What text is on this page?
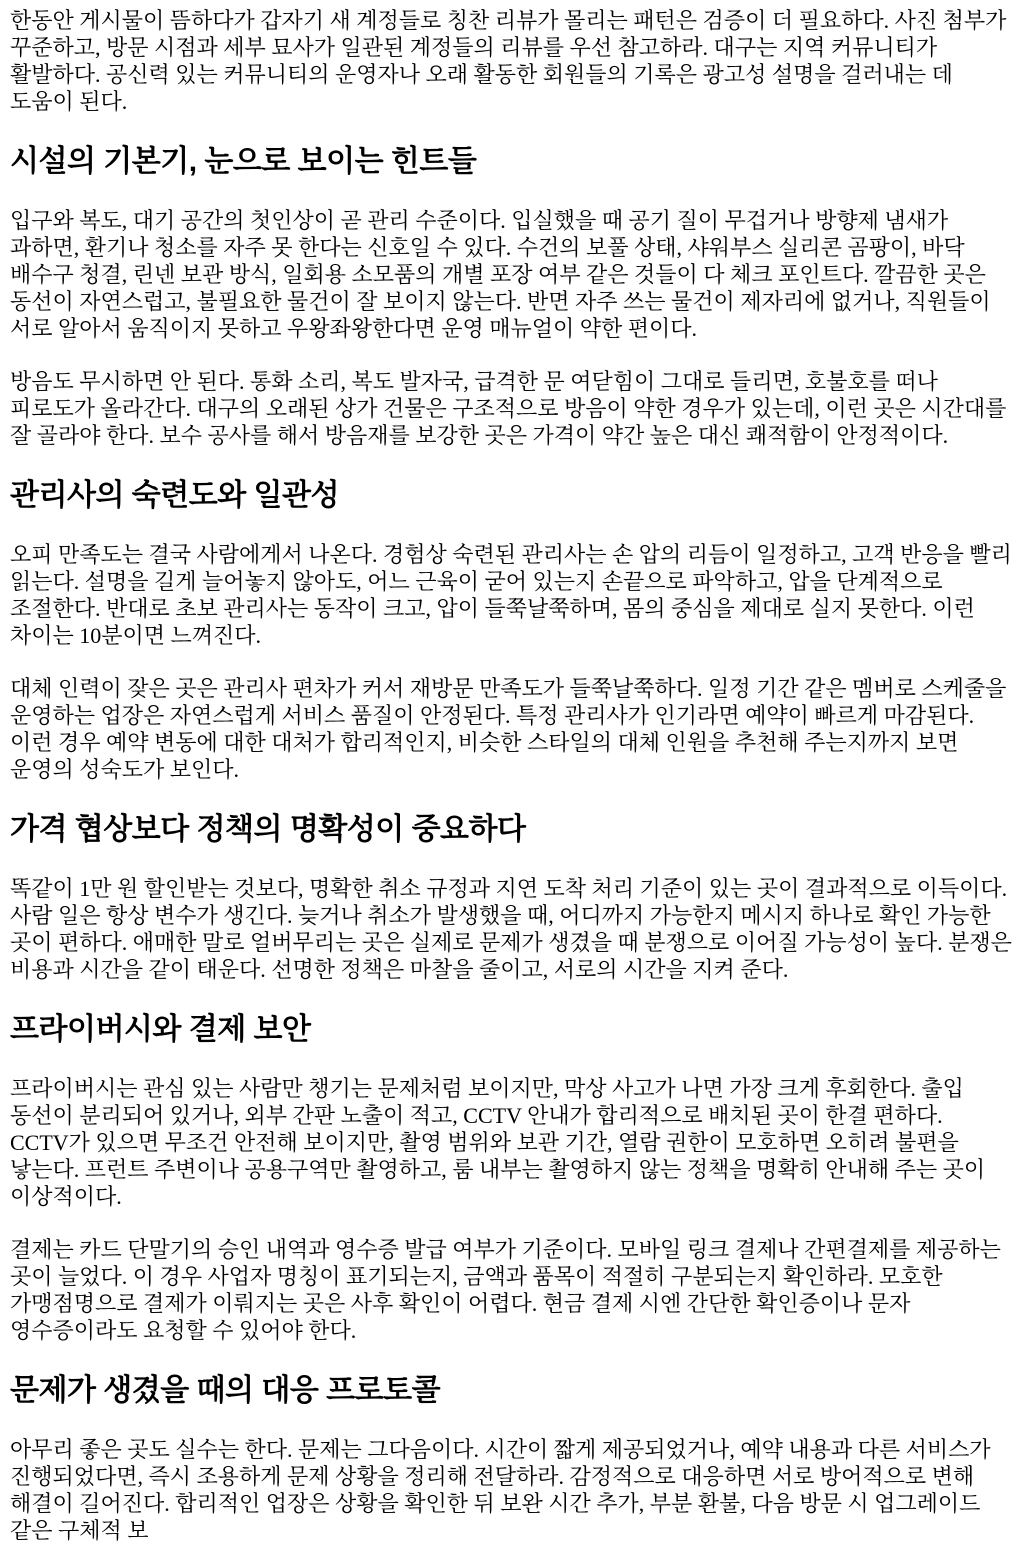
한동안 게시물이 뜸하다가 갑자기 새 계정들로 칭찬 리뷰가 몰리는 패턴은 검증이 더 필요하다. 사진 첨부가 꾸준하고, 방문 시점과 세부 묘사가 일관된 계정들의 리뷰를 우선 참고하라. 대구는 지역 커뮤니티가 활발하다. 공신력 있는 커뮤니티의 운영자나 오래 활동한 회원들의 기록은 광고성 설명을 걸러내는 데 도움이 된다.

시설의 기본기, 눈으로 보이는 힌트들

입구와 복도, 대기 공간의 첫인상이 곧 관리 수준이다. 입실했을 때 공기 질이 무겁거나 방향제 냄새가 과하면, 환기나 청소를 자주 못 한다는 신호일 수 있다. 수건의 보풀 상태, 샤워부스 실리콘 곰팡이, 바닥 배수구 청결, 린넨 보관 방식, 일회용 소모품의 개별 포장 여부 같은 것들이 다 체크 포인트다. 깔끔한 곳은 동선이 자연스럽고, 불필요한 물건이 잘 보이지 않는다. 반면 자주 쓰는 물건이 제자리에 없거나, 직원들이 서로 알아서 움직이지 못하고 우왕좌왕한다면 운영 매뉴얼이 약한 편이다.

방음도 무시하면 안 된다. 통화 소리, 복도 발자국, 급격한 문 여닫힘이 그대로 들리면, 호불호를 떠나 피로도가 올라간다. 대구의 오래된 상가 건물은 구조적으로 방음이 약한 경우가 있는데, 이런 곳은 시간대를 잘 골라야 한다. 보수 공사를 해서 방음재를 보강한 곳은 가격이 약간 높은 대신 쾌적함이 안정적이다.

관리사의 숙련도와 일관성

오피 만족도는 결국 사람에게서 나온다. 경험상 숙련된 관리사는 손 압의 리듬이 일정하고, 고객 반응을 빨리 읽는다. 설명을 길게 늘어놓지 않아도, 어느 근육이 굳어 있는지 손끝으로 파악하고, 압을 단계적으로 조절한다. 반대로 초보 관리사는 동작이 크고, 압이 들쭉날쭉하며, 몸의 중심을 제대로 실지 못한다. 이런 차이는 10분이면 느껴진다.

대체 인력이 잦은 곳은 관리사 편차가 커서 재방문 만족도가 들쭉날쭉하다. 일정 기간 같은 멤버로 스케줄을 운영하는 업장은 자연스럽게 서비스 품질이 안정된다. 특정 관리사가 인기라면 예약이 빠르게 마감된다. 이런 경우 예약 변동에 대한 대처가 합리적인지, 비슷한 스타일의 대체 인원을 추천해 주는지까지 보면 운영의 성숙도가 보인다.

가격 협상보다 정책의 명확성이 중요하다

똑같이 1만 원 할인받는 것보다, 명확한 취소 규정과 지연 도착 처리 기준이 있는 곳이 결과적으로 이득이다. 사람 일은 항상 변수가 생긴다. 늦거나 취소가 발생했을 때, 어디까지 가능한지 메시지 하나로 확인 가능한 곳이 편하다. 애매한 말로 얼버무리는 곳은 실제로 문제가 생겼을 때 분쟁으로 이어질 가능성이 높다. 분쟁은 비용과 시간을 같이 태운다. 선명한 정책은 마찰을 줄이고, 서로의 시간을 지켜 준다.

프라이버시와 결제 보안

프라이버시는 관심 있는 사람만 챙기는 문제처럼 보이지만, 막상 사고가 나면 가장 크게 후회한다. 출입 동선이 분리되어 있거나, 외부 간판 노출이 적고, CCTV 안내가 합리적으로 배치된 곳이 한결 편하다. CCTV가 있으면 무조건 안전해 보이지만, 촬영 범위와 보관 기간, 열람 권한이 모호하면 오히려 불편을 낳는다. 프런트 주변이나 공용구역만 촬영하고, 룸 내부는 촬영하지 않는 정책을 명확히 안내해 주는 곳이 이상적이다.

결제는 카드 단말기의 승인 내역과 영수증 발급 여부가 기준이다. 모바일 링크 결제나 간편결제를 제공하는 곳이 늘었다. 이 경우 사업자 명칭이 표기되는지, 금액과 품목이 적절히 구분되는지 확인하라. 모호한 가맹점명으로 결제가 이뤄지는 곳은 사후 확인이 어렵다. 현금 결제 시엔 간단한 확인증이나 문자 영수증이라도 요청할 수 있어야 한다.

문제가 생겼을 때의 대응 프로토콜

아무리 좋은 곳도 실수는 한다. 문제는 그다음이다. 시간이 짧게 제공되었거나, 예약 내용과 다른 서비스가 진행되었다면, 즉시 조용하게 문제 상황을 정리해 전달하라. 감정적으로 대응하면 서로 방어적으로 변해 해결이 길어진다. 합리적인 업장은 상황을 확인한 뒤 보완 시간 추가, 부분 환불, 다음 방문 시 업그레이드 같은 구체적 보
